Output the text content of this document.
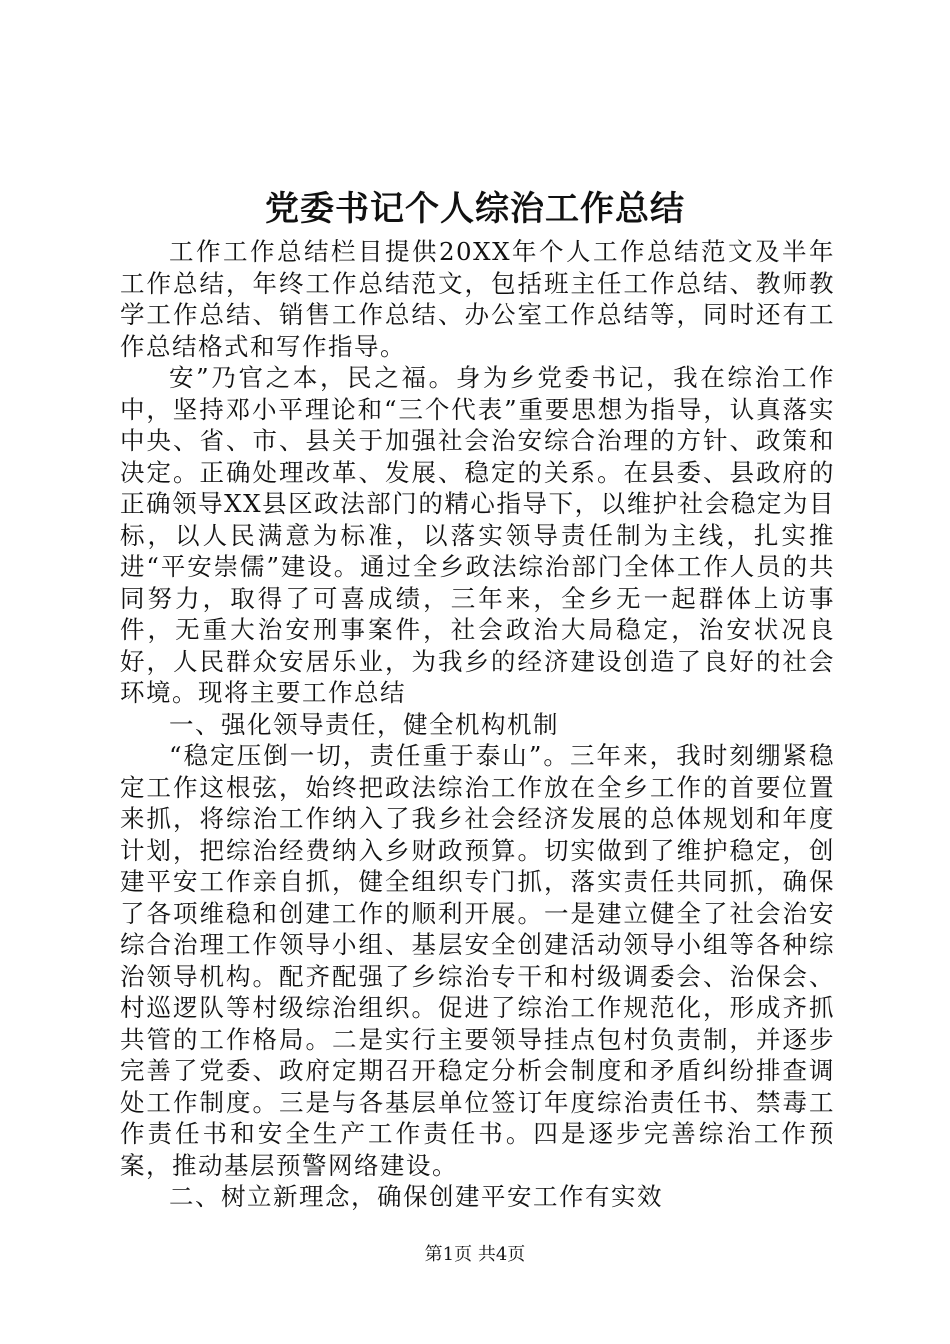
党委书记个人综治工作总结

工作工作总结栏目提供20XX年个人工作总结范文及半年工作总结，年终工作总结范文，包括班主任工作总结、教师教学工作总结、销售工作总结、办公室工作总结等，同时还有工作总结格式和写作指导。

安”乃官之本，民之福。身为乡党委书记，我在综治工作中，坚持邓小平理论和“三个代表”重要思想为指导，认真落实中央、省、市、县关于加强社会治安综合治理的方针、政策和决定。正确处理改革、发展、稳定的关系。在县委、县政府的正确领导XX县区政法部门的精心指导下，以维护社会稳定为目标，以人民满意为标准，以落实领导责任制为主线，扎实推进“平安崇儒”建设。通过全乡政法综治部门全体工作人员的共同努力，取得了可喜成绩，三年来，全乡无一起群体上访事件，无重大治安刑事案件，社会政治大局稳定，治安状况良好，人民群众安居乐业，为我乡的经济建设创造了良好的社会环境。现将主要工作总结

一、强化领导责任，健全机构机制

“稳定压倒一切，责任重于泰山”。三年来，我时刻绷紧稳定工作这根弦，始终把政法综治工作放在全乡工作的首要位置来抓，将综治工作纳入了我乡社会经济发展的总体规划和年度计划，把综治经费纳入乡财政预算。切实做到了维护稳定，创建平安工作亲自抓，健全组织专门抓，落实责任共同抓，确保了各项维稳和创建工作的顺利开展。一是建立健全了社会治安综合治理工作领导小组、基层安全创建活动领导小组等各种综治领导机构。配齐配强了乡综治专干和村级调委会、治保会、村巡逻队等村级综治组织。促进了综治工作规范化，形成齐抓共管的工作格局。二是实行主要领导挂点包村负责制，并逐步完善了党委、政府定期召开稳定分析会制度和矛盾纠纷排查调处工作制度。三是与各基层单位签订年度综治责任书、禁毒工作责任书和安全生产工作责任书。四是逐步完善综治工作预案，推动基层预警网络建设。

二、树立新理念，确保创建平安工作有实效

第1页 共4页
